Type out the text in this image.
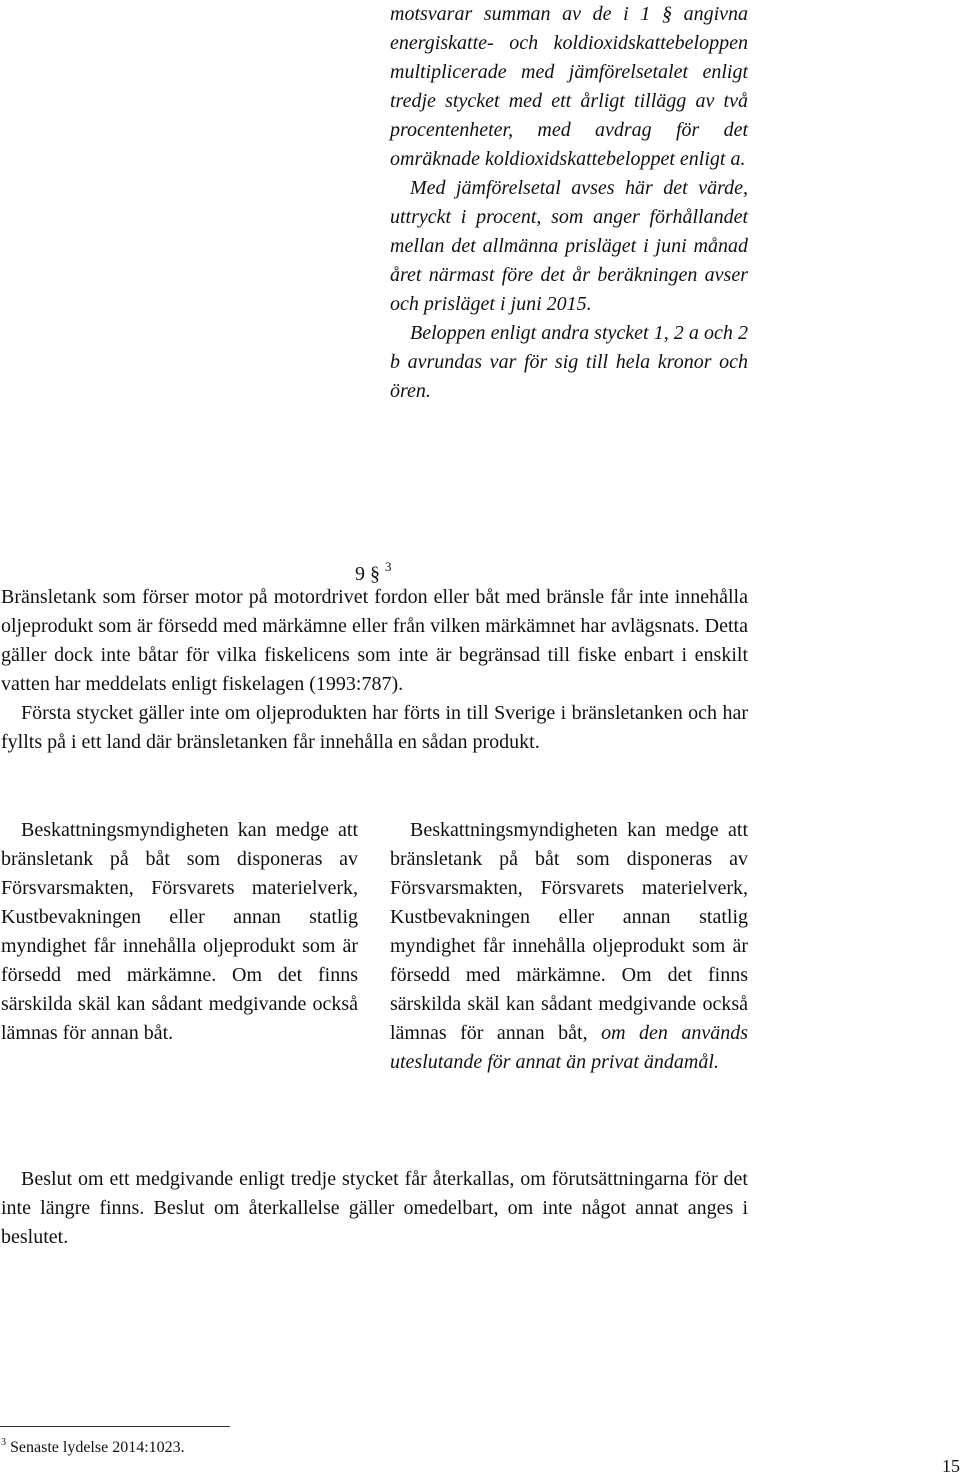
motsvarar summan av de i 1 § angivna energiskatte- och koldioxidskattebeloppen multiplicerade med jämförelsetalet enligt tredje stycket med ett årligt tillägg av två procentenheter, med avdrag för det omräknade koldioxidskattebeloppet enligt a.

Med jämförelsetal avses här det värde, uttryckt i procent, som anger förhållandet mellan det allmänna prisläget i juni månad året närmast före det år beräkningen avser och prisläget i juni 2015.

Beloppen enligt andra stycket 1, 2 a och 2 b avrundas var för sig till hela kronor och ören.

9 § $^3$

Bränsletank som förser motor på motordrivet fordon eller båt med bränsle får inte innehålla oljeprodukt som är försedd med märkämne eller från vilken märkämnet har avlägsnats. Detta gäller dock inte båtar för vilka fiskelicens som inte är begränsad till fiske enbart i enskilt vatten har meddelats enligt fiskelagen (1993:787).

Första stycket gäller inte om oljeprodukten har förts in till Sverige i bränsletanken och har fyllts på i ett land där bränsletanken får innehålla en sådan produkt.

Beskattningsmyndigheten kan medge att bränsletank på båt som disponeras av Försvarsmakten, Försvarets materielverk, Kustbevakningen eller annan statlig myndighet får innehålla oljeprodukt som är försedd med märkämne. Om det finns särskilda skäl kan sådant medgivande också lämnas för annan båt.

Beskattningsmyndigheten kan medge att bränsletank på båt som disponeras av Försvarsmakten, Försvarets materielverk, Kustbevakningen eller annan statlig myndighet får innehålla oljeprodukt som är försedd med märkämne. Om det finns särskilda skäl kan sådant medgivande också lämnas för annan båt, om den används uteslutande för annat än privat ändamål.

Beslut om ett medgivande enligt tredje stycket får återkallas, om förutsättningarna för det inte längre finns. Beslut om återkallelse gäller omedelbart, om inte något annat anges i beslutet.

$^3$ Senaste lydelse 2014:1023.
15
